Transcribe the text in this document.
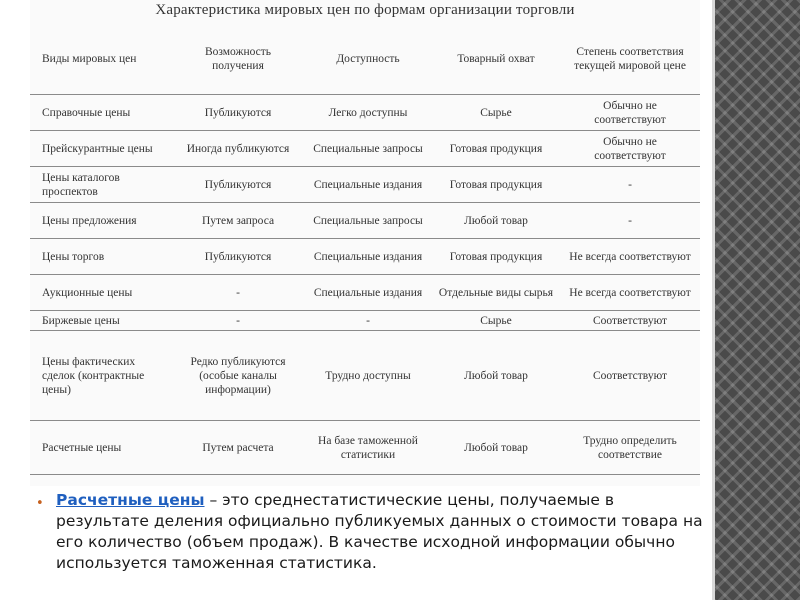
Характеристика мировых цен по формам организации торговли
Виды мировых цен	Возможность получения	Доступность	Товарный охват	Степень соответствия текущей мировой цене
Справочные цены	Публикуются	Легко доступны	Сырье	Обычно не соответствуют
Прейскурантные цены	Иногда публикуются	Специальные запросы	Готовая продукция	Обычно не соответствуют
Цены каталогов проспектов	Публикуются	Специальные издания	Готовая продукция	-
Цены предложения	Путем запроса	Специальные запросы	Любой товар	-
Цены торгов	Публикуются	Специальные издания	Готовая продукция	Не всегда соответствуют
Аукционные цены	-	Специальные издания	Отдельные виды сырья	Не всегда соответствуют
Биржевые цены	-	-	Сырье	Соответствуют
Цены фактических сделок (контрактные цены)	Редко публикуются (особые каналы информации)	Трудно доступны	Любой товар	Соответствуют
Расчетные цены	Путем расчета	На базе таможенной статистики	Любой товар	Трудно определить соответствие
• Расчетные цены – это среднестатистические цены, получаемые в результате деления официально публикуемых данных о стоимости товара на его количество (объем продаж). В качестве исходной информации обычно используется таможенная статистика.
